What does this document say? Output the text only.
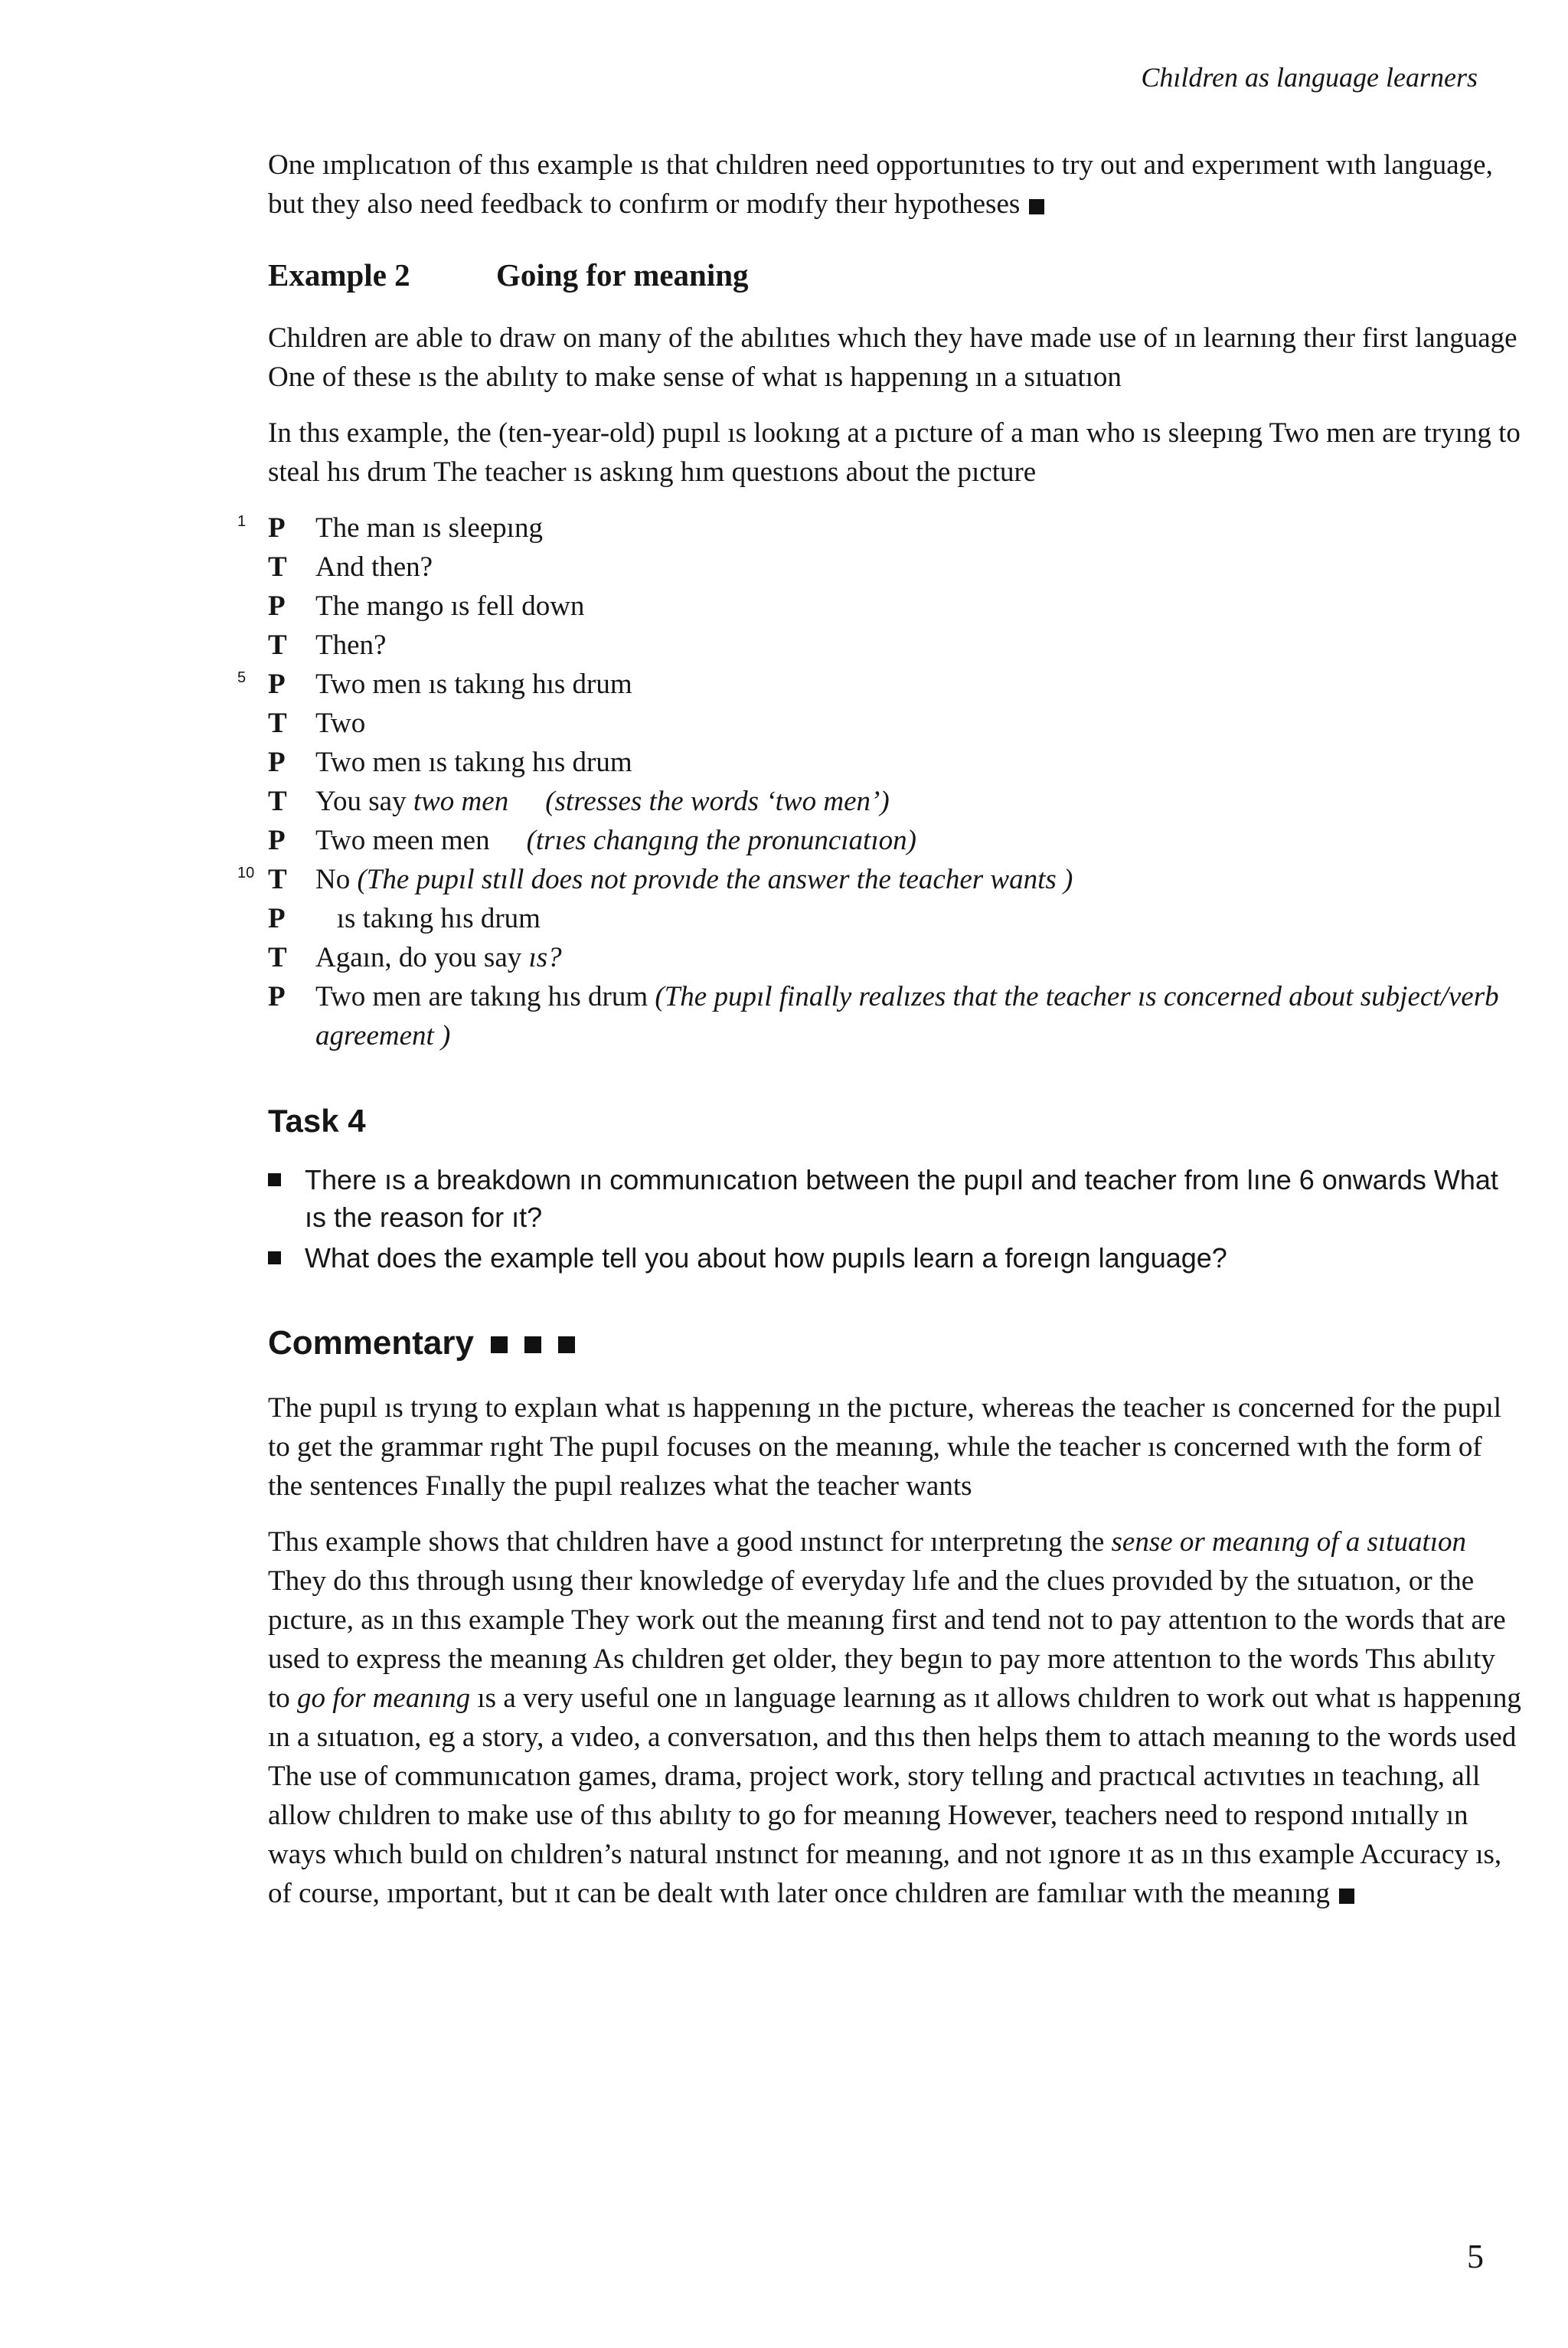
Chıldren as language learners

One ımplıcatıon of thıs example ıs that chıldren need opportunıtıes to try out and experıment wıth language, but they also need feedback to confırm or modıfy theır hypotheses

Example 2	Going for meaning

Chıldren are able to draw on many of the abılıtıes whıch they have made use of ın learnıng theır first language One of these ıs the abılıty to make sense of what ıs happenıng ın a sıtuatıon

In thıs example, the (ten-year-old) pupıl ıs lookıng at a pıcture of a man who ıs sleepıng Two men are tryıng to steal hıs drum The teacher ıs askıng hım questıons about the pıcture

1 P	The man ıs sleepıng
T	And then?
P	The mango ıs fell down
T	Then?
5 P	Two men ıs takıng hıs drum
T	Two
P	Two men ıs takıng hıs drum
T	You say two men (stresses the words ‘two men’)
P	Two meen men (trıes changıng the pronuncıatıon)
10 T	No (The pupıl stıll does not provıde the answer the teacher wants )
P	ıs takıng hıs drum
T	Agaın, do you say ıs?
P	Two men are takıng hıs drum (The pupıl finally realızes that the teacher ıs concerned about subject/verb agreement )
Task 4
There ıs a breakdown ın communıcatıon between the pupıl and teacher from lıne 6 onwards What ıs the reason for ıt?
What does the example tell you about how pupıls learn a foreıgn language?
Commentary

The pupıl ıs tryıng to explaın what ıs happenıng ın the pıcture, whereas the teacher ıs concerned for the pupıl to get the grammar rıght The pupıl focuses on the meanıng, whıle the teacher ıs concerned wıth the form of the sentences Fınally the pupıl realızes what the teacher wants

Thıs example shows that chıldren have a good ınstınct for ınterpretıng the sense or meanıng of a sıtuatıon They do thıs through usıng theır knowledge of everyday lıfe and the clues provıded by the sıtuatıon, or the pıcture, as ın thıs example They work out the meanıng first and tend not to pay attentıon to the words that are used to express the meanıng As chıldren get older, they begın to pay more attentıon to the words Thıs abılıty to go for meanıng ıs a very useful one ın language learnıng as ıt allows chıldren to work out what ıs happenıng ın a sıtuatıon, eg a story, a vıdeo, a conversatıon, and thıs then helps them to attach meanıng to the words used The use of communıcatıon games, drama, project work, story tellıng and practıcal actıvıtıes ın teachıng, all allow chıldren to make use of thıs abılıty to go for meanıng However, teachers need to respond ınıtıally ın ways whıch buıld on chıldren’s natural ınstınct for meanıng, and not ıgnore ıt as ın thıs example Accuracy ıs, of course, ımportant, but ıt can be dealt wıth later once chıldren are famılıar wıth the meanıng

5
